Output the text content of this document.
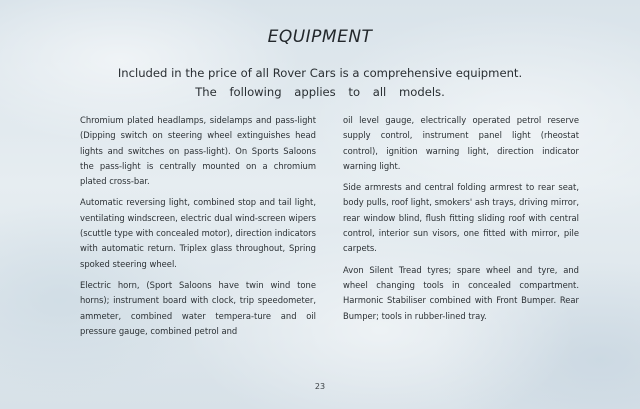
EQUIPMENT
Included in the price of all Rover Cars is a comprehensive equipment.
The following applies to all models.

Chromium plated headlamps, sidelamps and pass-light (Dipping switch on steering wheel extinguishes head lights and switches on pass-light). On Sports Saloons the pass-light is centrally mounted on a chromium plated cross-bar.

Automatic reversing light, combined stop and tail light, ventilating windscreen, electric dual wind-screen wipers (scuttle type with concealed motor), direction indicators with automatic return. Triplex glass throughout, Spring spoked steering wheel.

Electric horn, (Sport Saloons have twin wind tone horns); instrument board with clock, trip speedometer, ammeter, combined water tempera-ture and oil pressure gauge, combined petrol and

oil level gauge, electrically operated petrol reserve supply control, instrument panel light (rheostat control), ignition warning light, direction indicator warning light.

Side armrests and central folding armrest to rear seat, body pulls, roof light, smokers' ash trays, driving mirror, rear window blind, flush fitting sliding roof with central control, interior sun visors, one fitted with mirror, pile carpets.

Avon Silent Tread tyres; spare wheel and tyre, and wheel changing tools in concealed compartment. Harmonic Stabiliser combined with Front Bumper. Rear Bumper; tools in rubber-lined tray.

23
